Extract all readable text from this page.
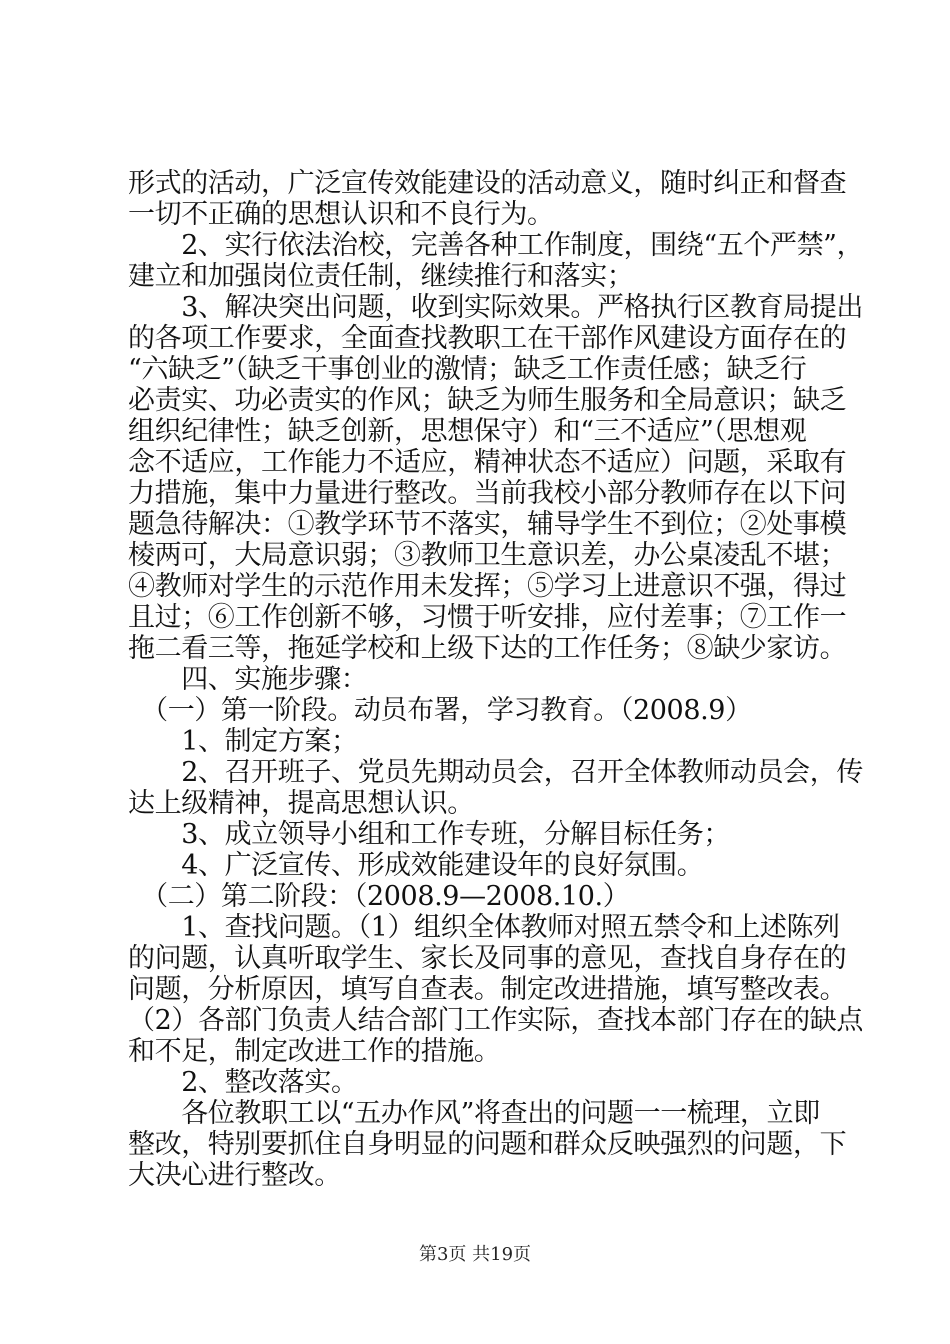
形式的活动，广泛宣传效能建设的活动意义，随时纠正和督查
一切不正确的思想认识和不良行为。
　　2、实行依法治校，完善各种工作制度，围绕“五个严禁”，
建立和加强岗位责任制，继续推行和落实；
　　3、解决突出问题，收到实际效果。严格执行区教育局提出
的各项工作要求，全面查找教职工在干部作风建设方面存在的
“六缺乏”（缺乏干事创业的激情；缺乏工作责任感；缺乏行
必责实、功必责实的作风；缺乏为师生服务和全局意识；缺乏
组织纪律性；缺乏创新，思想保守）和“三不适应”（思想观
念不适应，工作能力不适应，精神状态不适应）问题，采取有
力措施，集中力量进行整改。当前我校小部分教师存在以下问
题急待解决：①教学环节不落实，辅导学生不到位；②处事模
棱两可，大局意识弱；③教师卫生意识差，办公桌凌乱不堪；
④教师对学生的示范作用未发挥；⑤学习上进意识不强，得过
且过；⑥工作创新不够，习惯于听安排，应付差事；⑦工作一
拖二看三等，拖延学校和上级下达的工作任务；⑧缺少家访。
　　四、实施步骤：
　（一）第一阶段。动员布署，学习教育。（2008.9）
　　1、制定方案；
　　2、召开班子、党员先期动员会，召开全体教师动员会，传
达上级精神，提高思想认识。
　　3、成立领导小组和工作专班，分解目标任务；
　　4、广泛宣传、形成效能建设年的良好氛围。
　（二）第二阶段：（2008.9—2008.10.）
　　1、查找问题。（1）组织全体教师对照五禁令和上述陈列
的问题，认真听取学生、家长及同事的意见，查找自身存在的
问题，分析原因，填写自查表。制定改进措施，填写整改表。
（2）各部门负责人结合部门工作实际，查找本部门存在的缺点
和不足，制定改进工作的措施。
　　2、整改落实。
　　各位教职工以“五办作风”将查出的问题一一梳理，立即
整改，特别要抓住自身明显的问题和群众反映强烈的问题，下
大决心进行整改。
第3页 共19页
